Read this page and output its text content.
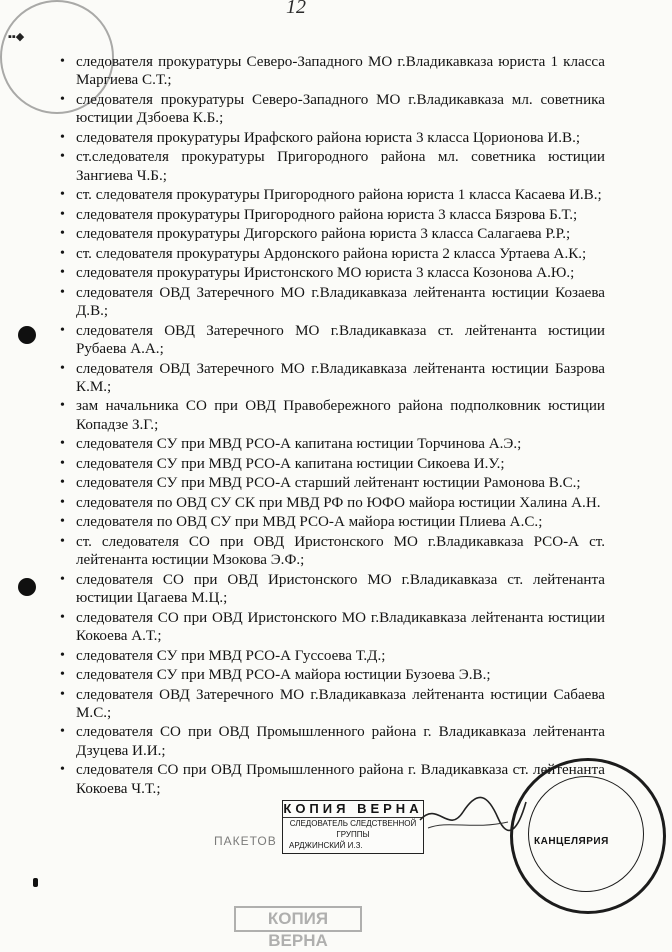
12
▪▪◆
• следователя прокуратуры Северо-Западного МО г.Владикавказа юриста 1 класса Маргиева С.Т.;
• следователя прокуратуры Северо-Западного МО г.Владикавказа мл. советника юстиции Дзбоева К.Б.;
• следователя прокуратуры Ирафского района юриста 3 класса Цорионова И.В.;
• ст.следователя прокуратуры Пригородного района мл. советника юстиции Зангиева Ч.Б.;
• ст. следователя прокуратуры Пригородного района юриста 1 класса Касаева И.В.;
• следователя прокуратуры Пригородного района юриста 3 класса Бязрова Б.Т.;
• следователя прокуратуры Дигорского района юриста 3 класса Салагаева Р.Р.;
• ст. следователя прокуратуры Ардонского района юриста 2 класса Уртаева А.К.;
• следователя прокуратуры Иристонского МО юриста 3 класса Козонова А.Ю.;
• следователя ОВД Затеречного МО г.Владикавказа лейтенанта юстиции Козаева Д.В.;
• следователя ОВД Затеречного МО г.Владикавказа ст. лейтенанта юстиции Рубаева А.А.;
• следователя ОВД Затеречного МО г.Владикавказа лейтенанта юстиции Базрова К.М.;
• зам начальника СО при ОВД Правобережного района подполковник юстиции Копадзе З.Г.;
• следователя СУ при МВД РСО-А капитана юстиции Торчинова А.Э.;
• следователя СУ при МВД РСО-А капитана юстиции Сикоева И.У.;
• следователя СУ при МВД РСО-А старший лейтенант юстиции Рамонова В.С.;
• следователя по ОВД СУ СК при МВД РФ по ЮФО майора юстиции Халина А.Н.
• следователя по ОВД СУ при МВД РСО-А майора юстиции Плиева А.С.;
• ст. следователя СО при ОВД Иристонского МО г.Владикавказа РСО-А ст. лейтенанта юстиции Мзокова Э.Ф.;
• следователя СО при ОВД Иристонского МО г.Владикавказа ст. лейтенанта юстиции Цагаева М.Ц.;
• следователя СО при ОВД Иристонского МО г.Владикавказа лейтенанта юстиции Кокоева А.Т.;
• следователя СУ при МВД РСО-А Гуссоева Т.Д.;
• следователя СУ при МВД РСО-А майора юстиции Бузоева Э.В.;
• следователя ОВД Затеречного МО г.Владикавказа лейтенанта юстиции Сабаева М.С.;
• следователя СО при ОВД Промышленного района г. Владикавказа лейтенанта Дзуцева И.И.;
• следователя СО при ОВД Промышленного района г. Владикавказа ст. лейтенанта Кокоева Ч.Т.;
ПАКЕТОВ
КОПИЯ ВЕРНА
СЛЕДОВАТЕЛЬ СЛЕДСТВЕННОЙ ГРУППЫ
АРДЖИНСКИЙ И.З.
КОПИЯ ВЕРНА
КАНЦЕЛЯРИЯ
